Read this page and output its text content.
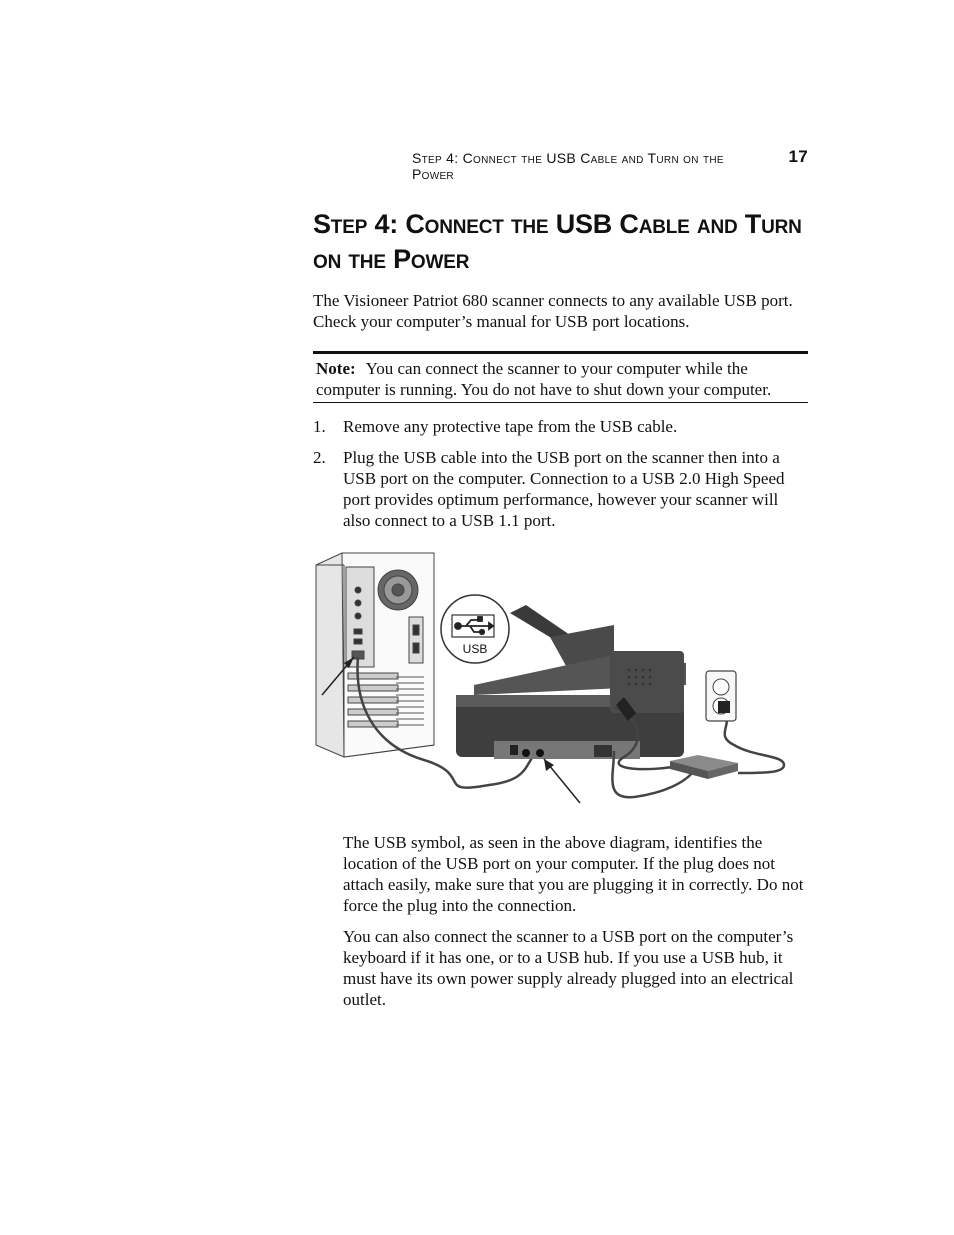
Step 4: Connect the USB Cable and Turn on the Power
17
Step 4: Connect the USB Cable and Turn on the Power

The Visioneer Patriot 680 scanner connects to any available USB port. Check your computer’s manual for USB port locations.

Note: You can connect the scanner to your computer while the computer is running. You do not have to shut down your computer.
1. Remove any protective tape from the USB cable.
2. Plug the USB cable into the USB port on the scanner then into a USB port on the computer. Connection to a USB 2.0 High Speed port provides optimum performance, however your scanner will also connect to a USB 1.1 port.
USB

The USB symbol, as seen in the above diagram, identifies the location of the USB port on your computer. If the plug does not attach easily, make sure that you are plugging it in correctly. Do not force the plug into the connection.

You can also connect the scanner to a USB port on the computer’s keyboard if it has one, or to a USB hub. If you use a USB hub, it must have its own power supply already plugged into an electrical outlet.
